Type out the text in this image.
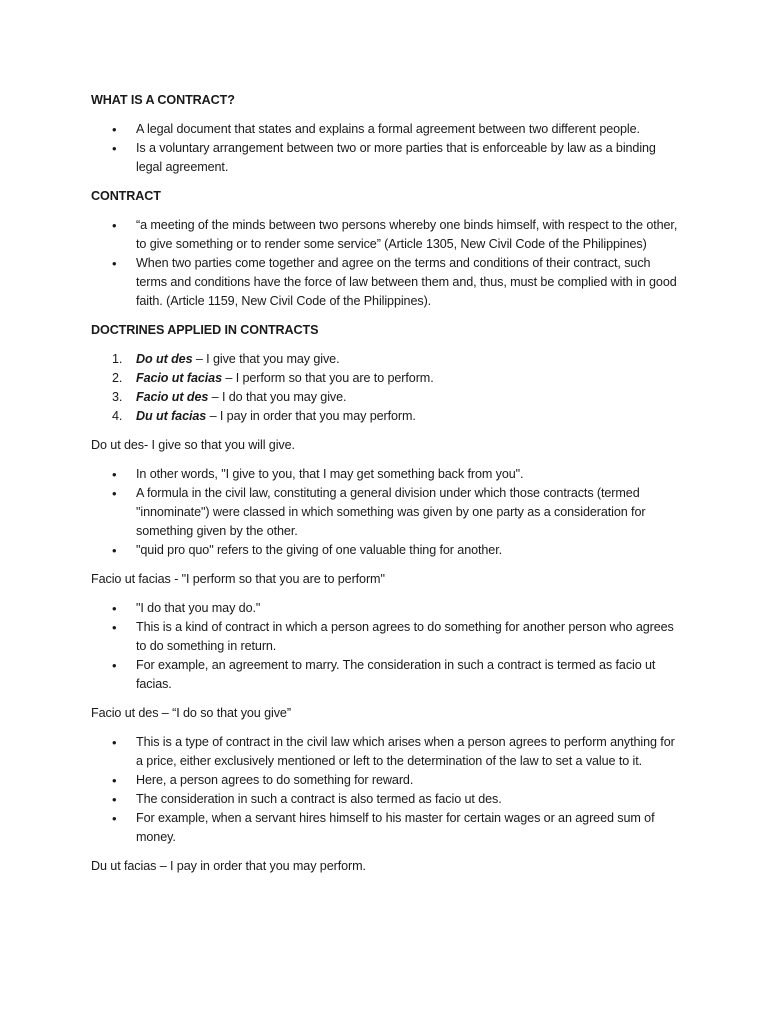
WHAT IS A CONTRACT?
• A legal document that states and explains a formal agreement between two different people.
• Is a voluntary arrangement between two or more parties that is enforceable by law as a binding legal agreement.
CONTRACT
• “a meeting of the minds between two persons whereby one binds himself, with respect to the other, to give something or to render some service” (Article 1305, New Civil Code of the Philippines)
• When two parties come together and agree on the terms and conditions of their contract, such terms and conditions have the force of law between them and, thus, must be complied with in good faith. (Article 1159, New Civil Code of the Philippines).
DOCTRINES APPLIED IN CONTRACTS
1. Do ut des – I give that you may give.
2. Facio ut facias – I perform so that you are to perform.
3. Facio ut des – I do that you may give.
4. Du ut facias – I pay in order that you may perform.
Do ut des- I give so that you will give.
• In other words, "I give to you, that I may get something back from you".
• A formula in the civil law, constituting a general division under which those contracts (termed "innominate") were classed in which something was given by one party as a consideration for something given by the other.
• "quid pro quo" refers to the giving of one valuable thing for another.
Facio ut facias - "I perform so that you are to perform"
• "I do that you may do."
• This is a kind of contract in which a person agrees to do something for another person who agrees to do something in return.
• For example, an agreement to marry. The consideration in such a contract is termed as facio ut facias.
Facio ut des – “I do so that you give”
• This is a type of contract in the civil law which arises when a person agrees to perform anything for a price, either exclusively mentioned or left to the determination of the law to set a value to it.
• Here, a person agrees to do something for reward.
• The consideration in such a contract is also termed as facio ut des.
• For example, when a servant hires himself to his master for certain wages or an agreed sum of money.
Du ut facias – I pay in order that you may perform.
